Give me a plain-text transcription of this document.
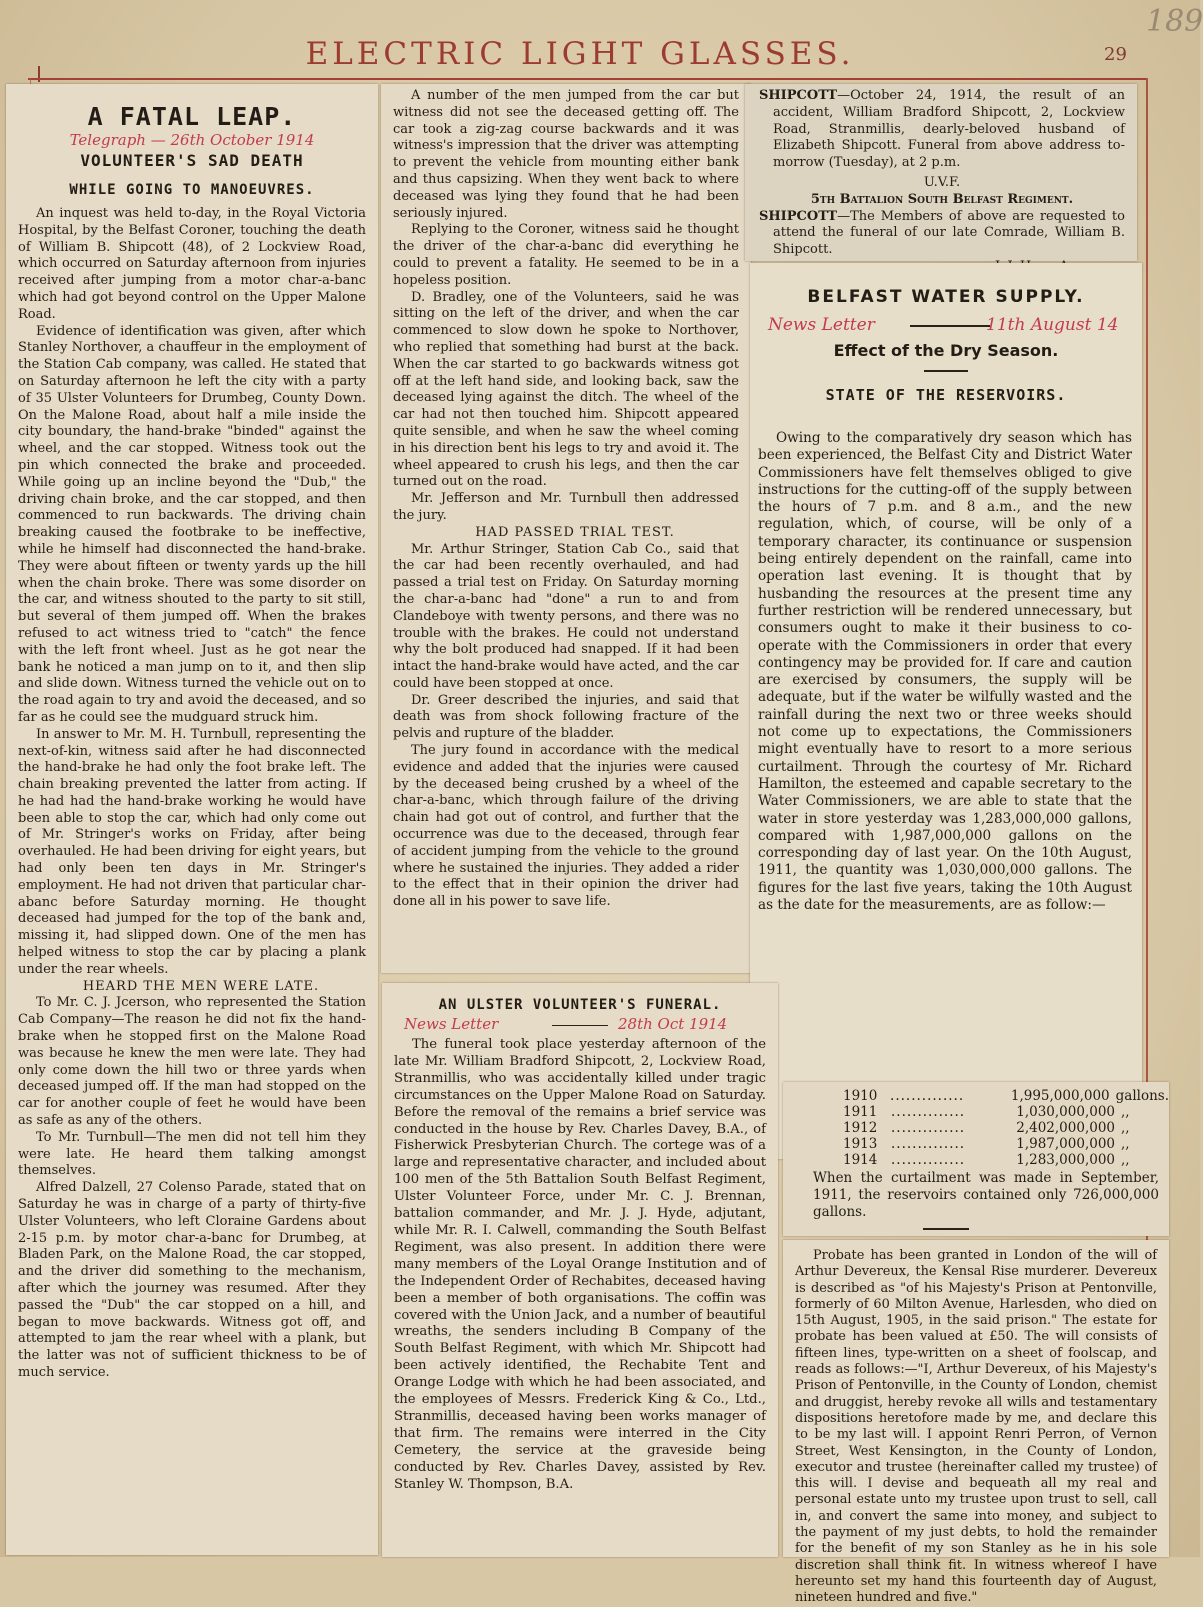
189
ELECTRIC LIGHT GLASSES.	29
A FATAL LEAP.
Telegraph — 26th October 1914
VOLUNTEER'S SAD DEATH
WHILE GOING TO MANOEUVRES.

An inquest was held to-day, in the Royal Victoria Hospital, by the Belfast Coroner, touching the death of William B. Shipcott (48), of 2 Lockview Road, which occurred on Saturday afternoon from injuries received after jumping from a motor char-a-banc which had got beyond control on the Upper Malone Road.

Evidence of identification was given, after which Stanley Northover, a chauffeur in the employment of the Station Cab company, was called. He stated that on Saturday afternoon he left the city with a party of 35 Ulster Volunteers for Drumbeg, County Down. On the Malone Road, about half a mile inside the city boundary, the hand-brake "binded" against the wheel, and the car stopped. Witness took out the pin which connected the brake and proceeded. While going up an incline beyond the "Dub," the driving chain broke, and the car stopped, and then commenced to run backwards. The driving chain breaking caused the footbrake to be ineffective, while he himself had disconnected the hand-brake. They were about fifteen or twenty yards up the hill when the chain broke. There was some disorder on the car, and witness shouted to the party to sit still, but several of them jumped off. When the brakes refused to act witness tried to "catch" the fence with the left front wheel. Just as he got near the bank he noticed a man jump on to it, and then slip and slide down. Witness turned the vehicle out on to the road again to try and avoid the deceased, and so far as he could see the mudguard struck him.

In answer to Mr. M. H. Turnbull, representing the next-of-kin, witness said after he had disconnected the hand-brake he had only the foot brake left. The chain breaking prevented the latter from acting. If he had had the hand-brake working he would have been able to stop the car, which had only come out of Mr. Stringer's works on Friday, after being overhauled. He had been driving for eight years, but had only been ten days in Mr. Stringer's employment. He had not driven that particular char-abanc before Saturday morning. He thought deceased had jumped for the top of the bank and, missing it, had slipped down. One of the men has helped witness to stop the car by placing a plank under the rear wheels.

HEARD THE MEN WERE LATE.

To Mr. C. J. Jcerson, who represented the Station Cab Company—The reason he did not fix the hand-brake when he stopped first on the Malone Road was because he knew the men were late. They had only come down the hill two or three yards when deceased jumped off. If the man had stopped on the car for another couple of feet he would have been as safe as any of the others.

To Mr. Turnbull—The men did not tell him they were late. He heard them talking amongst themselves.

Alfred Dalzell, 27 Colenso Parade, stated that on Saturday he was in charge of a party of thirty-five Ulster Volunteers, who left Cloraine Gardens about 2-15 p.m. by motor char-a-banc for Drumbeg, at Bladen Park, on the Malone Road, the car stopped, and the driver did something to the mechanism, after which the journey was resumed. After they passed the "Dub" the car stopped on a hill, and began to move backwards. Witness got off, and attempted to jam the rear wheel with a plank, but the latter was not of sufficient thickness to be of much service.

A number of the men jumped from the car but witness did not see the deceased getting off. The car took a zig-zag course backwards and it was witness's impression that the driver was attempting to prevent the vehicle from mounting either bank and thus capsizing. When they went back to where deceased was lying they found that he had been seriously injured.

Replying to the Coroner, witness said he thought the driver of the char-a-banc did everything he could to prevent a fatality. He seemed to be in a hopeless position.

D. Bradley, one of the Volunteers, said he was sitting on the left of the driver, and when the car commenced to slow down he spoke to Northover, who replied that something had burst at the back. When the car started to go backwards witness got off at the left hand side, and looking back, saw the deceased lying against the ditch. The wheel of the car had not then touched him. Shipcott appeared quite sensible, and when he saw the wheel coming in his direction bent his legs to try and avoid it. The wheel appeared to crush his legs, and then the car turned out on the road.

Mr. Jefferson and Mr. Turnbull then addressed the jury.

HAD PASSED TRIAL TEST.

Mr. Arthur Stringer, Station Cab Co., said that the car had been recently overhauled, and had passed a trial test on Friday. On Saturday morning the char-a-banc had "done" a run to and from Clandeboye with twenty persons, and there was no trouble with the brakes. He could not understand why the bolt produced had snapped. If it had been intact the hand-brake would have acted, and the car could have been stopped at once.

Dr. Greer described the injuries, and said that death was from shock following fracture of the pelvis and rupture of the bladder.

The jury found in accordance with the medical evidence and added that the injuries were caused by the deceased being crushed by a wheel of the char-a-banc, which through failure of the driving chain had got out of control, and further that the occurrence was due to the deceased, through fear of accident jumping from the vehicle to the ground where he sustained the injuries. They added a rider to the effect that in their opinion the driver had done all in his power to save life.

SHIPCOTT—October 24, 1914, the result of an accident, William Bradford Shipcott, 2, Lockview Road, Stranmillis, dearly-beloved husband of Elizabeth Shipcott. Funeral from above address to-morrow (Tuesday), at 2 p.m.

U.V.F.

5th Battalion South Belfast Regiment.

SHIPCOTT—The Members of above are requested to attend the funeral of our late Comrade, William B. Shipcott.

BELFAST WATER SUPPLY.
News Letter	11th August 14
Effect of the Dry Season.
STATE OF THE RESERVOIRS.

Owing to the comparatively dry season which has been experienced, the Belfast City and District Water Commissioners have felt themselves obliged to give instructions for the cutting-off of the supply between the hours of 7 p.m. and 8 a.m., and the new regulation, which, of course, will be only of a temporary character, its continuance or suspension being entirely dependent on the rainfall, came into operation last evening. It is thought that by husbanding the resources at the present time any further restriction will be rendered unnecessary, but consumers ought to make it their business to co-operate with the Commissioners in order that every contingency may be provided for. If care and caution are exercised by consumers, the supply will be adequate, but if the water be wilfully wasted and the rainfall during the next two or three weeks should not come up to expectations, the Commissioners might eventually have to resort to a more serious curtailment. Through the courtesy of Mr. Richard Hamilton, the esteemed and capable secretary to the Water Commissioners, we are able to state that the water in store yesterday was 1,283,000,000 gallons, compared with 1,987,000,000 gallons on the corresponding day of last year. On the 10th August, 1911, the quantity was 1,030,000,000 gallons. The figures for the last five years, taking the 10th August as the date for the measurements, are as follow:—

AN ULSTER VOLUNTEER'S FUNERAL.
News Letter	28th Oct 1914

The funeral took place yesterday afternoon of the late Mr. William Bradford Shipcott, 2, Lockview Road, Stranmillis, who was accidentally killed under tragic circumstances on the Upper Malone Road on Saturday. Before the removal of the remains a brief service was conducted in the house by Rev. Charles Davey, B.A., of Fisherwick Presbyterian Church. The cortege was of a large and representative character, and included about 100 men of the 5th Battalion South Belfast Regiment, Ulster Volunteer Force, under Mr. C. J. Brennan, battalion commander, and Mr. J. J. Hyde, adjutant, while Mr. R. I. Calwell, commanding the South Belfast Regiment, was also present. In addition there were many members of the Loyal Orange Institution and of the Independent Order of Rechabites, deceased having been a member of both organisations. The coffin was covered with the Union Jack, and a number of beautiful wreaths, the senders including B Company of the South Belfast Regiment, with which Mr. Shipcott had been actively identified, the Rechabite Tent and Orange Lodge with which he had been associated, and the employees of Messrs. Frederick King & Co., Ltd., Stranmillis, deceased having been works manager of that firm. The remains were interred in the City Cemetery, the service at the graveside being conducted by Rev. Charles Davey, assisted by Rev. Stanley W. Thompson, B.A.

Probate has been granted in London of the will of Arthur Devereux, the Kensal Rise murderer. Devereux is described as "of his Majesty's Prison at Pentonville, formerly of 60 Milton Avenue, Harlesden, who died on 15th August, 1905, in the said prison." The estate for probate has been valued at £50. The will consists of fifteen lines, type-written on a sheet of foolscap, and reads as follows:—"I, Arthur Devereux, of his Majesty's Prison of Pentonville, in the County of London, chemist and druggist, hereby revoke all wills and testamentary dispositions heretofore made by me, and declare this to be my last will. I appoint Renri Perron, of Vernon Street, West Kensington, in the County of London, executor and trustee (hereinafter called my trustee) of this will. I devise and bequeath all my real and personal estate unto my trustee upon trust to sell, call in, and convert the same into money, and subject to the payment of my just debts, to hold the remainder for the benefit of my son Stanley as he in his sole discretion shall think fit. In witness whereof I have hereunto set my hand this fourteenth day of August, nineteen hundred and five."

1910 ..............	1,995,000,000 gallons.
1911	..............	1,030,000,000 ,,
1912	..............	2,402,000,000 ,,
1913	..............	1,987,000,000 ,,
1914	..............	1,283,000,000 ,,
When the curtailment was made in September, 1911, the reservoirs contained only 726,000,000 gallons.
